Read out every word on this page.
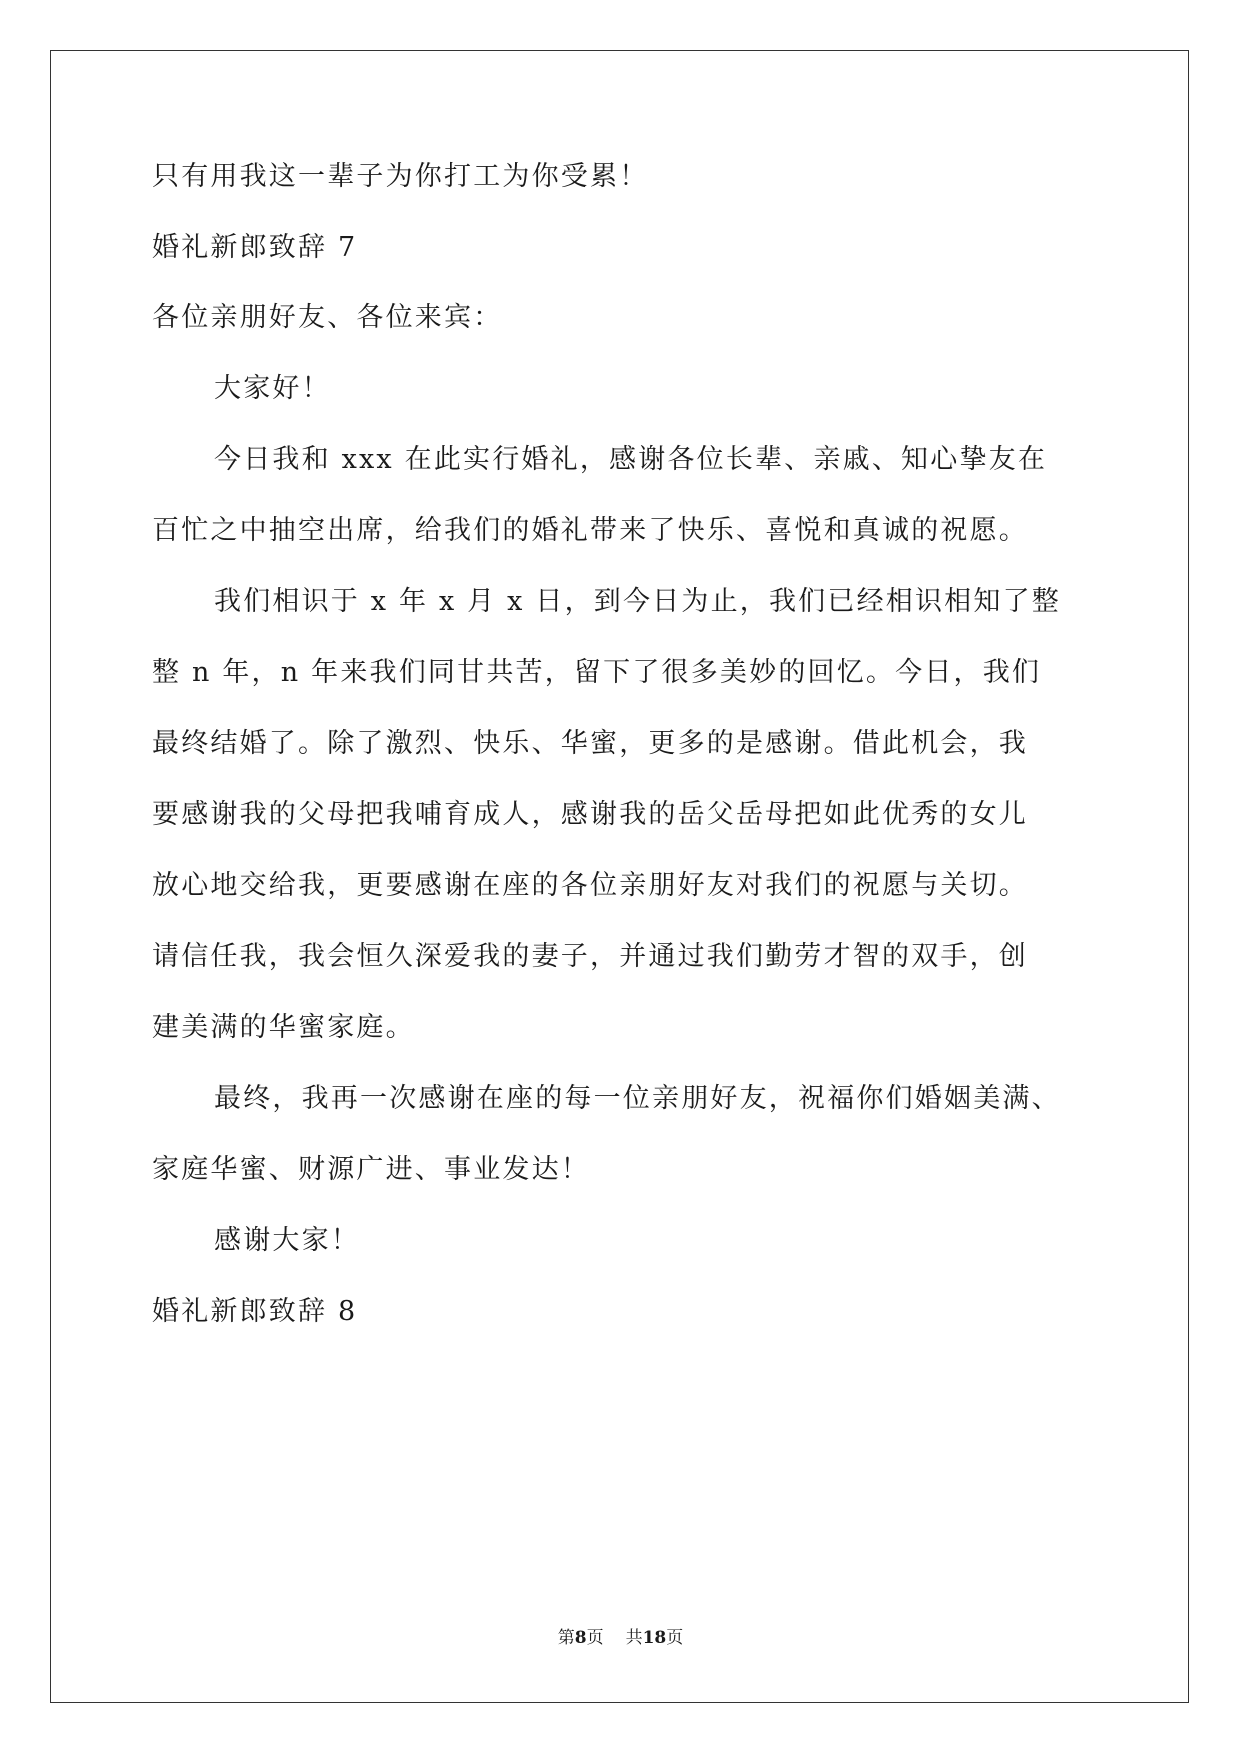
只有用我这一辈子为你打工为你受累！
婚礼新郎致辞 7
各位亲朋好友、各位来宾：
大家好！
今日我和 xxx 在此实行婚礼，感谢各位长辈、亲戚、知心挚友在
百忙之中抽空出席，给我们的婚礼带来了快乐、喜悦和真诚的祝愿。
我们相识于 x 年 x 月 x 日，到今日为止，我们已经相识相知了整
整 n 年，n 年来我们同甘共苦，留下了很多美妙的回忆。今日，我们
最终结婚了。除了激烈、快乐、华蜜，更多的是感谢。借此机会，我
要感谢我的父母把我哺育成人，感谢我的岳父岳母把如此优秀的女儿
放心地交给我，更要感谢在座的各位亲朋好友对我们的祝愿与关切。
请信任我，我会恒久深爱我的妻子，并通过我们勤劳才智的双手，创
建美满的华蜜家庭。
最终，我再一次感谢在座的每一位亲朋好友，祝福你们婚姻美满、
家庭华蜜、财源广进、事业发达！
感谢大家！
婚礼新郎致辞 8
第8页 共18页
